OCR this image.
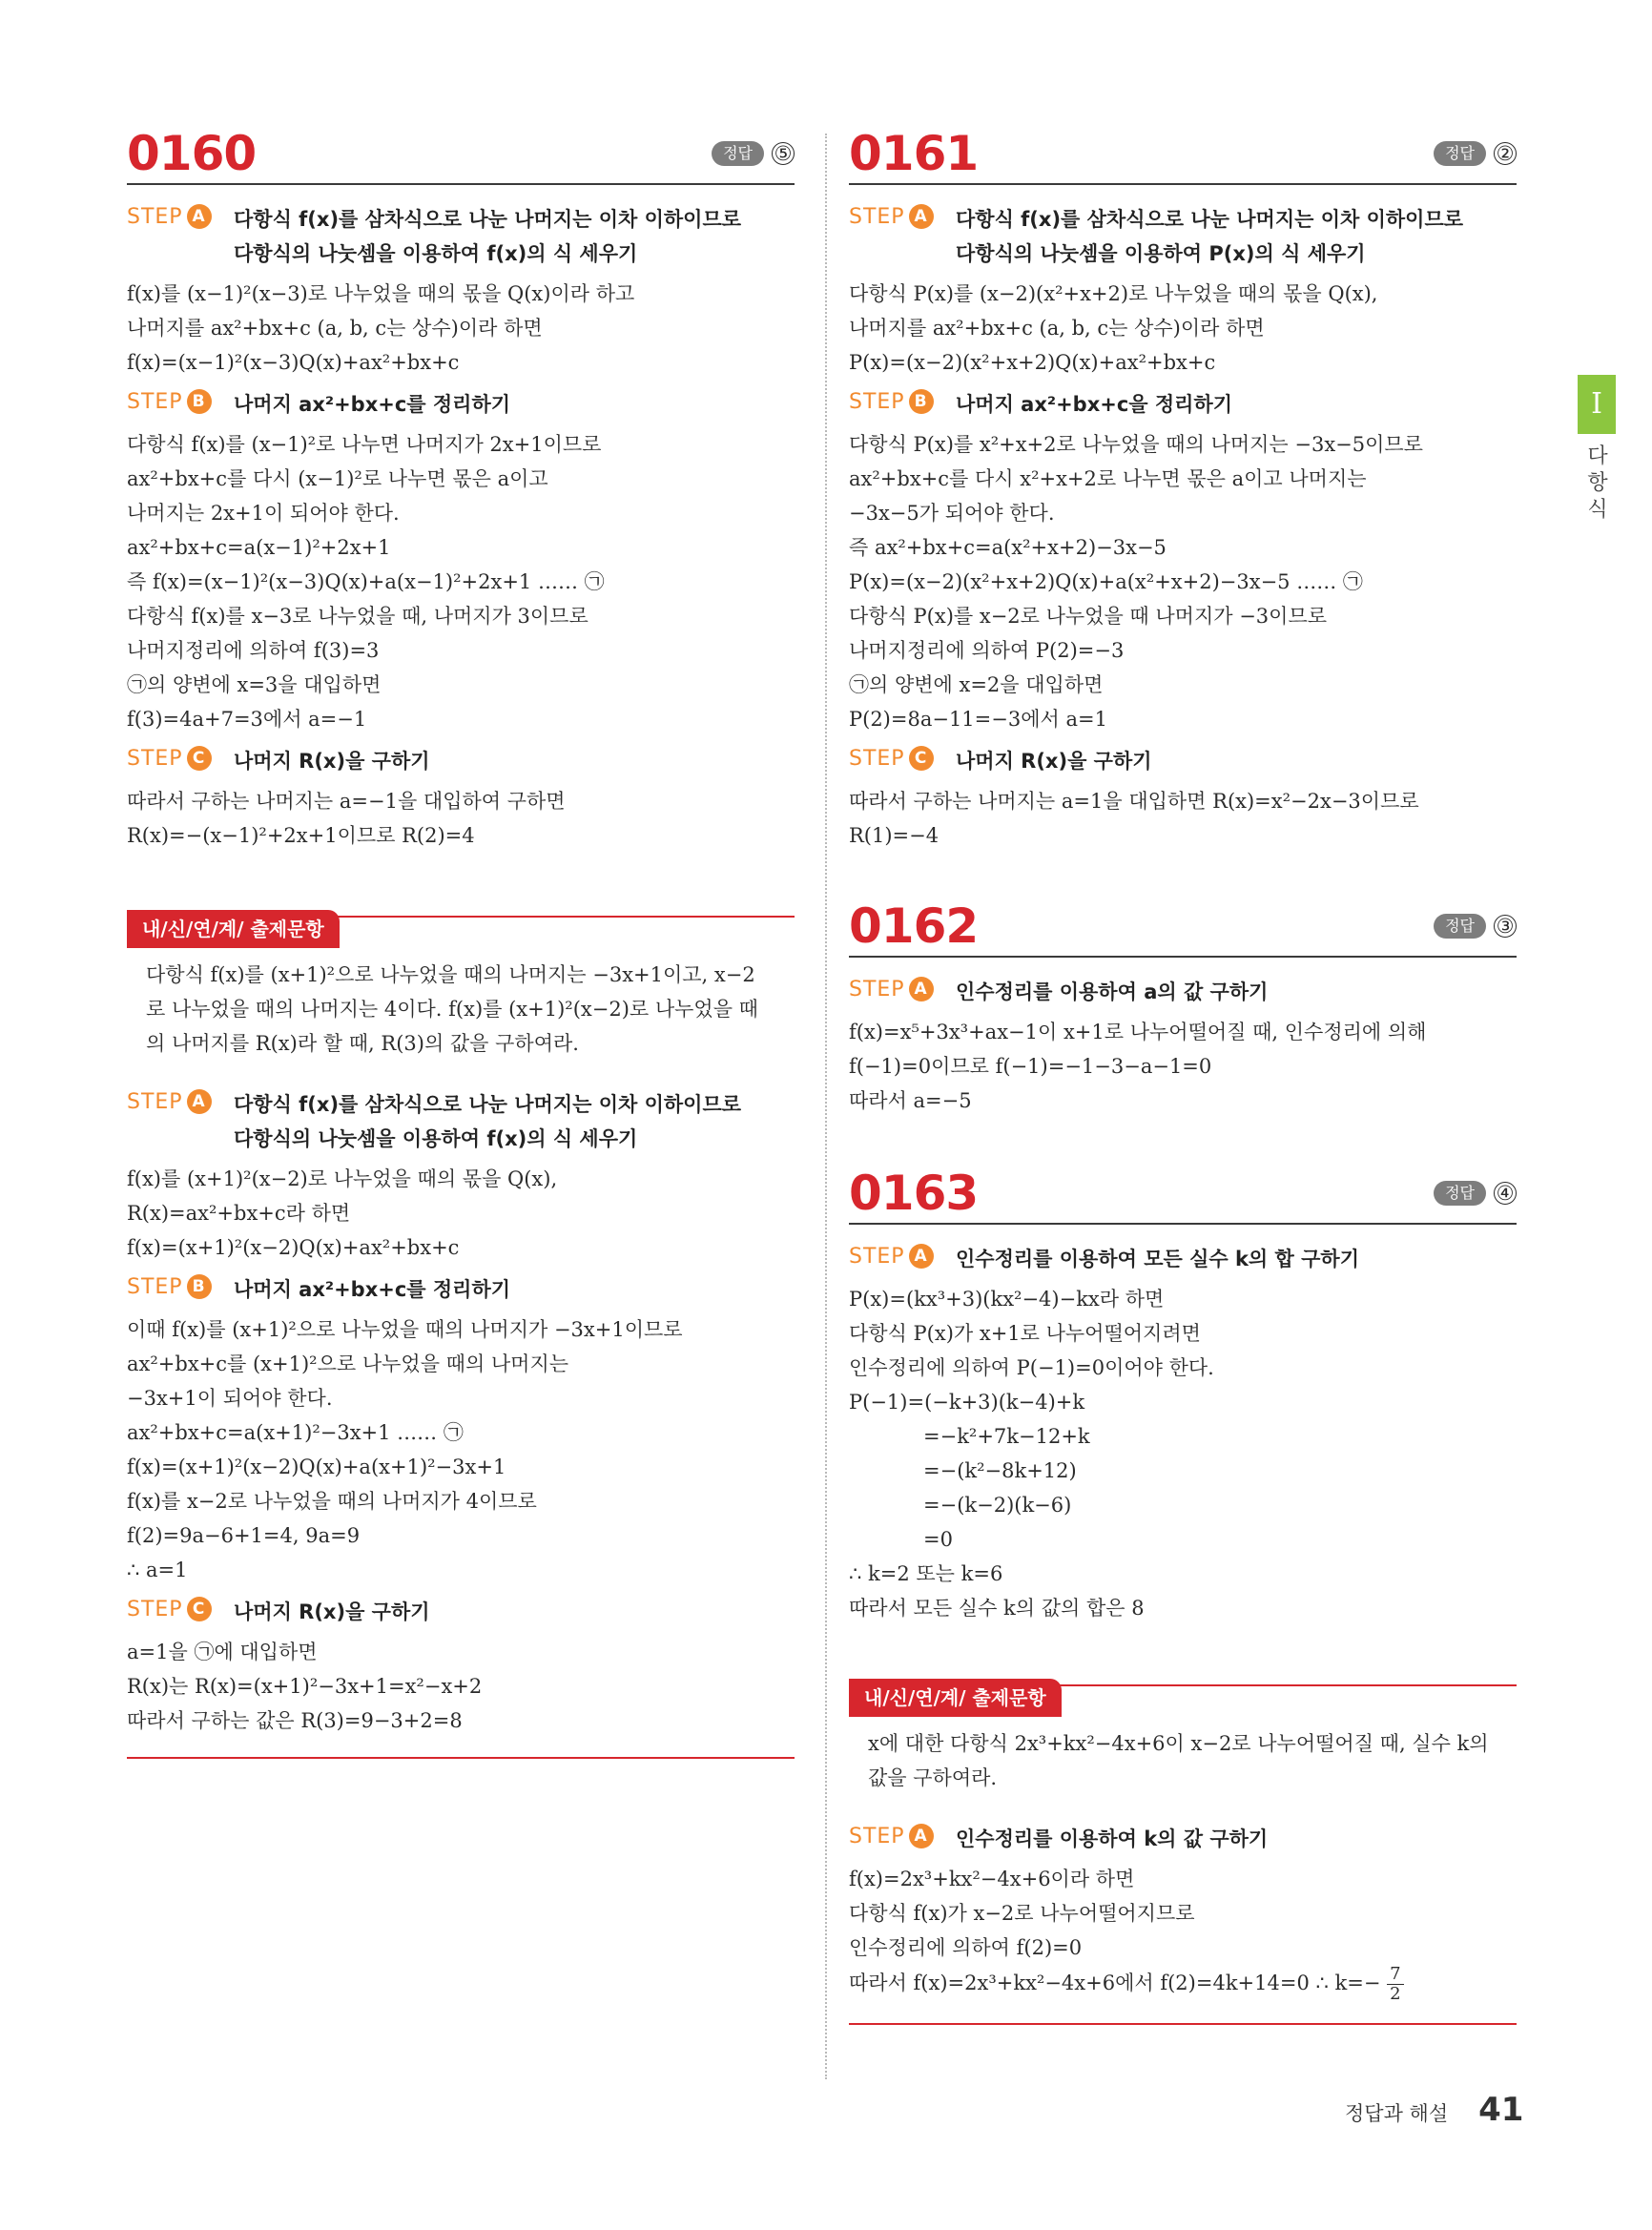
0160	정답	⑤
STEP A 다항식 f(x)를 삼차식으로 나눈 나머지는 이차 이하이므로
다항식의 나눗셈을 이용하여 f(x)의 식 세우기

f(x)를 (x−1)²(x−3)로 나누었을 때의 몫을 Q(x)이라 하고

나머지를 ax²+bx+c (a, b, c는 상수)이라 하면

f(x)=(x−1)²(x−3)Q(x)+ax²+bx+c

STEP B 나머지 ax²+bx+c를 정리하기

다항식 f(x)를 (x−1)²로 나누면 나머지가 2x+1이므로

ax²+bx+c를 다시 (x−1)²로 나누면 몫은 a이고

나머지는 2x+1이 되어야 한다.

ax²+bx+c=a(x−1)²+2x+1

즉 f(x)=(x−1)²(x−3)Q(x)+a(x−1)²+2x+1 …… ㉠

다항식 f(x)를 x−3로 나누었을 때, 나머지가 3이므로

나머지정리에 의하여 f(3)=3

㉠의 양변에 x=3을 대입하면

f(3)=4a+7=3에서 a=−1

STEP C 나머지 R(x)을 구하기

따라서 구하는 나머지는 a=−1을 대입하여 구하면

R(x)=−(x−1)²+2x+1이므로 R(2)=4

내/신/연/계/ 출제문항

다항식 f(x)를 (x+1)²으로 나누었을 때의 나머지는 −3x+1이고, x−2

로 나누었을 때의 나머지는 4이다. f(x)를 (x+1)²(x−2)로 나누었을 때

의 나머지를 R(x)라 할 때, R(3)의 값을 구하여라.

STEP A 다항식 f(x)를 삼차식으로 나눈 나머지는 이차 이하이므로
다항식의 나눗셈을 이용하여 f(x)의 식 세우기

f(x)를 (x+1)²(x−2)로 나누었을 때의 몫을 Q(x),

R(x)=ax²+bx+c라 하면

f(x)=(x+1)²(x−2)Q(x)+ax²+bx+c

STEP B 나머지 ax²+bx+c를 정리하기

이때 f(x)를 (x+1)²으로 나누었을 때의 나머지가 −3x+1이므로

ax²+bx+c를 (x+1)²으로 나누었을 때의 나머지는

−3x+1이 되어야 한다.

ax²+bx+c=a(x+1)²−3x+1 …… ㉠

f(x)=(x+1)²(x−2)Q(x)+a(x+1)²−3x+1

f(x)를 x−2로 나누었을 때의 나머지가 4이므로

f(2)=9a−6+1=4, 9a=9

∴ a=1

STEP C 나머지 R(x)을 구하기

a=1을 ㉠에 대입하면

R(x)는 R(x)=(x+1)²−3x+1=x²−x+2

따라서 구하는 값은 R(3)=9−3+2=8

0161	정답	②
STEP A 다항식 f(x)를 삼차식으로 나눈 나머지는 이차 이하이므로
다항식의 나눗셈을 이용하여 P(x)의 식 세우기

다항식 P(x)를 (x−2)(x²+x+2)로 나누었을 때의 몫을 Q(x),

나머지를 ax²+bx+c (a, b, c는 상수)이라 하면

P(x)=(x−2)(x²+x+2)Q(x)+ax²+bx+c

STEP B 나머지 ax²+bx+c을 정리하기

다항식 P(x)를 x²+x+2로 나누었을 때의 나머지는 −3x−5이므로

ax²+bx+c를 다시 x²+x+2로 나누면 몫은 a이고 나머지는

−3x−5가 되어야 한다.

즉 ax²+bx+c=a(x²+x+2)−3x−5

P(x)=(x−2)(x²+x+2)Q(x)+a(x²+x+2)−3x−5 …… ㉠

다항식 P(x)를 x−2로 나누었을 때 나머지가 −3이므로

나머지정리에 의하여 P(2)=−3

㉠의 양변에 x=2을 대입하면

P(2)=8a−11=−3에서 a=1

STEP C 나머지 R(x)을 구하기

따라서 구하는 나머지는 a=1을 대입하면 R(x)=x²−2x−3이므로

R(1)=−4

0162	정답	③
STEP A 인수정리를 이용하여 a의 값 구하기

f(x)=x⁵+3x³+ax−1이 x+1로 나누어떨어질 때, 인수정리에 의해

f(−1)=0이므로 f(−1)=−1−3−a−1=0

따라서 a=−5

0163	정답	④
STEP A 인수정리를 이용하여 모든 실수 k의 합 구하기

P(x)=(kx³+3)(kx²−4)−kx라 하면

다항식 P(x)가 x+1로 나누어떨어지려면

인수정리에 의하여 P(−1)=0이어야 한다.

P(−1)=(−k+3)(k−4)+k

=−k²+7k−12+k

=−(k²−8k+12)

=−(k−2)(k−6)

=0

∴ k=2 또는 k=6

따라서 모든 실수 k의 값의 합은 8

내/신/연/계/ 출제문항

x에 대한 다항식 2x³+kx²−4x+6이 x−2로 나누어떨어질 때, 실수 k의

값을 구하여라.

STEP A 인수정리를 이용하여 k의 값 구하기

f(x)=2x³+kx²−4x+6이라 하면

다항식 f(x)가 x−2로 나누어떨어지므로

인수정리에 의하여 f(2)=0

따라서 f(x)=2x³+kx²−4x+6에서 f(2)=4k+14=0 ∴ $k=- \frac{7}{2}$

I
다항식
정답과 해설 41
